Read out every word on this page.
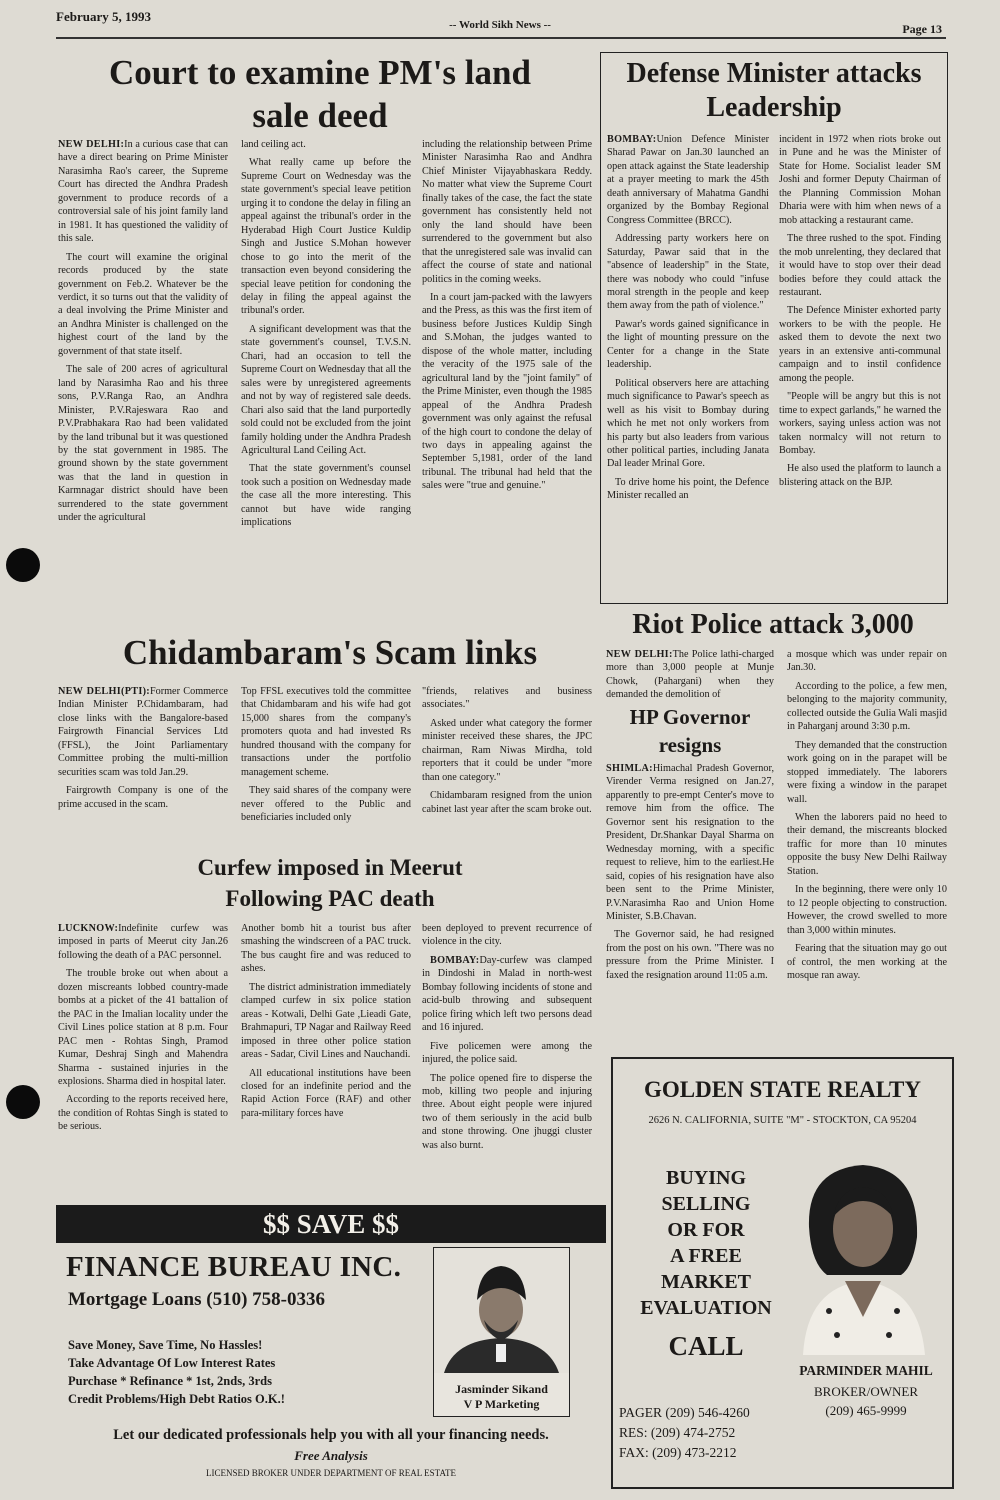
February 5, 1993
-- World Sikh News --	Page 13
Court to examine PM's land sale deed

NEW DELHI:In a curious case that can have a direct bearing on Prime Minister Narasimha Rao's career, the Supreme Court has directed the Andhra Pradesh government to produce records of a controversial sale of his joint family land in 1981. It has questioned the validity of this sale.

The court will examine the original records produced by the state government on Feb.2. Whatever be the verdict, it so turns out that the validity of a deal involving the Prime Minister and an Andhra Minister is challenged on the highest court of the land by the government of that state itself.

The sale of 200 acres of agricultural land by Narasimha Rao and his three sons, P.V.Ranga Rao, an Andhra Minister, P.V.Rajeswara Rao and P.V.Prabhakara Rao had been validated by the land tribunal but it was questioned by the stat government in 1985. The ground shown by the state government was that the land in question in Karmnagar district should have been surrendered to the state government under the agricultural

land ceiling act.

What really came up before the Supreme Court on Wednesday was the state government's special leave petition urging it to condone the delay in filing an appeal against the tribunal's order in the Hyderabad High Court Justice Kuldip Singh and Justice S.Mohan however chose to go into the merit of the transaction even beyond considering the special leave petition for condoning the delay in filing the appeal against the tribunal's order.

A significant development was that the state government's counsel, T.V.S.N. Chari, had an occasion to tell the Supreme Court on Wednesday that all the sales were by unregistered agreements and not by way of registered sale deeds. Chari also said that the land purportedly sold could not be excluded from the joint family holding under the Andhra Pradesh Agricultural Land Ceiling Act.

That the state government's counsel took such a position on Wednesday made the case all the more interesting. This cannot but have wide ranging implications

including the relationship between Prime Minister Narasimha Rao and Andhra Chief Minister Vijayabhaskara Reddy. No matter what view the Supreme Court finally takes of the case, the fact the state government has consistently held not only the land should have been surrendered to the government but also that the unregistered sale was invalid can affect the course of state and national politics in the coming weeks.

In a court jam-packed with the lawyers and the Press, as this was the first item of business before Justices Kuldip Singh and S.Mohan, the judges wanted to dispose of the whole matter, including the veracity of the 1975 sale of the agricultural land by the "joint family" of the Prime Minister, even though the 1985 appeal of the Andhra Pradesh government was only against the refusal of the high court to condone the delay of two days in appealing against the September 5,1981, order of the land tribunal. The tribunal had held that the sales were "true and genuine."

Defense Minister attacks Leadership

BOMBAY:Union Defence Minister Sharad Pawar on Jan.30 launched an open attack against the State leadership at a prayer meeting to mark the 45th death anniversary of Mahatma Gandhi organized by the Bombay Regional Congress Committee (BRCC).

Addressing party workers here on Saturday, Pawar said that in the "absence of leadership" in the State, there was nobody who could "infuse moral strength in the people and keep them away from the path of violence."

Pawar's words gained significance in the light of mounting pressure on the Center for a change in the State leadership.

Political observers here are attaching much significance to Pawar's speech as well as his visit to Bombay during which he met not only workers from his party but also leaders from various other political parties, including Janata Dal leader Mrinal Gore.

To drive home his point, the Defence Minister recalled an

incident in 1972 when riots broke out in Pune and he was the Minister of State for Home. Socialist leader SM Joshi and former Deputy Chairman of the Planning Commission Mohan Dharia were with him when news of a mob attacking a restaurant came.

The three rushed to the spot. Finding the mob unrelenting, they declared that it would have to stop over their dead bodies before they could attack the restaurant.

The Defence Minister exhorted party workers to be with the people. He asked them to devote the next two years in an extensive anti-communal campaign and to instil confidence among the people.

"People will be angry but this is not time to expect garlands," he warned the workers, saying unless action was not taken normalcy will not return to Bombay.

He also used the platform to launch a blistering attack on the BJP.

Chidambaram's Scam links

NEW DELHI(PTI):Former Commerce Indian Minister P.Chidambaram, had close links with the Bangalore-based Fairgrowth Financial Services Ltd (FFSL), the Joint Parliamentary Committee probing the multi-million securities scam was told Jan.29.

Fairgrowth Company is one of the prime accused in the scam.

Top FFSL executives told the committee that Chidambaram and his wife had got 15,000 shares from the company's promoters quota and had invested Rs hundred thousand with the company for transactions under the portfolio management scheme.

They said shares of the company were never offered to the Public and beneficiaries included only

"friends, relatives and business associates."

Asked under what category the former minister received these shares, the JPC chairman, Ram Niwas Mirdha, told reporters that it could be under "more than one category."

Chidambaram resigned from the union cabinet last year after the scam broke out.

Curfew imposed in Meerut
Following PAC death

LUCKNOW:Indefinite curfew was imposed in parts of Meerut city Jan.26 following the death of a PAC personnel.

The trouble broke out when about a dozen miscreants lobbed country-made bombs at a picket of the 41 battalion of the PAC in the Imalian locality under the Civil Lines police station at 8 p.m. Four PAC men - Rohtas Singh, Pramod Kumar, Deshraj Singh and Mahendra Sharma - sustained injuries in the explosions. Sharma died in hospital later.

According to the reports received here, the condition of Rohtas Singh is stated to be serious.

Another bomb hit a tourist bus after smashing the windscreen of a PAC truck. The bus caught fire and was reduced to ashes.

The district administration immediately clamped curfew in six police station areas - Kotwali, Delhi Gate ,Lieadi Gate, Brahmapuri, TP Nagar and Railway Reed imposed in three other police station areas - Sadar, Civil Lines and Nauchandi.

All educational institutions have been closed for an indefinite period and the Rapid Action Force (RAF) and other para-military forces have

been deployed to prevent recurrence of violence in the city.

BOMBAY:Day-curfew was clamped in Dindoshi in Malad in north-west Bombay following incidents of stone and acid-bulb throwing and subsequent police firing which left two persons dead and 16 injured.

Five policemen were among the injured, the police said.

The police opened fire to disperse the mob, killing two people and injuring three. About eight people were injured two of them seriously in the acid bulb and stone throwing. One jhuggi cluster was also burnt.

Riot Police attack 3,000

NEW DELHI:The Police lathi-charged more than 3,000 people at Munje Chowk, (Pahargani) when they demanded the demolition of

a mosque which was under repair on Jan.30.

According to the police, a few men, belonging to the majority community, collected outside the Gulia Wali masjid in Paharganj around 3:30 p.m.

They demanded that the construction work going on in the parapet will be stopped immediately. The laborers were fixing a window in the parapet wall.

When the laborers paid no heed to their demand, the miscreants blocked traffic for more than 10 minutes opposite the busy New Delhi Railway Station.

In the beginning, there were only 10 to 12 people objecting to construction. However, the crowd swelled to more than 3,000 within minutes.

Fearing that the situation may go out of control, the men working at the mosque ran away.

HP Governor resigns

SHIMLA:Himachal Pradesh Governor, Virender Verma resigned on Jan.27, apparently to pre-empt Center's move to remove him from the office. The Governor sent his resignation to the President, Dr.Shankar Dayal Sharma on Wednesday morning, with a specific request to relieve, him to the earliest.He said, copies of his resignation have also been sent to the Prime Minister, P.V.Narasimha Rao and Union Home Minister, S.B.Chavan.

The Governor said, he had resigned from the post on his own. "There was no pressure from the Prime Minister. I faxed the resignation around 11:05 a.m.

$$ SAVE $$
FINANCE BUREAU INC.
Mortgage Loans (510) 758-0336
Save Money, Save Time, No Hassles!
Take Advantage Of Low Interest Rates
Purchase * Refinance * 1st, 2nds, 3rds
Credit Problems/High Debt Ratios O.K.!
Jasminder Sikand
V P Marketing
Let our dedicated professionals help you with all your financing needs.
Free Analysis
LICENSED BROKER UNDER DEPARTMENT OF REAL ESTATE
GOLDEN STATE REALTY
2626 N. CALIFORNIA, SUITE "M" - STOCKTON, CA 95204
BUYING
SELLING
OR FOR
A FREE
MARKET
EVALUATION
CALL
PARMINDER MAHIL
BROKER/OWNER
(209) 465-9999
PAGER (209) 546-4260
RES: (209) 474-2752
FAX: (209) 473-2212
